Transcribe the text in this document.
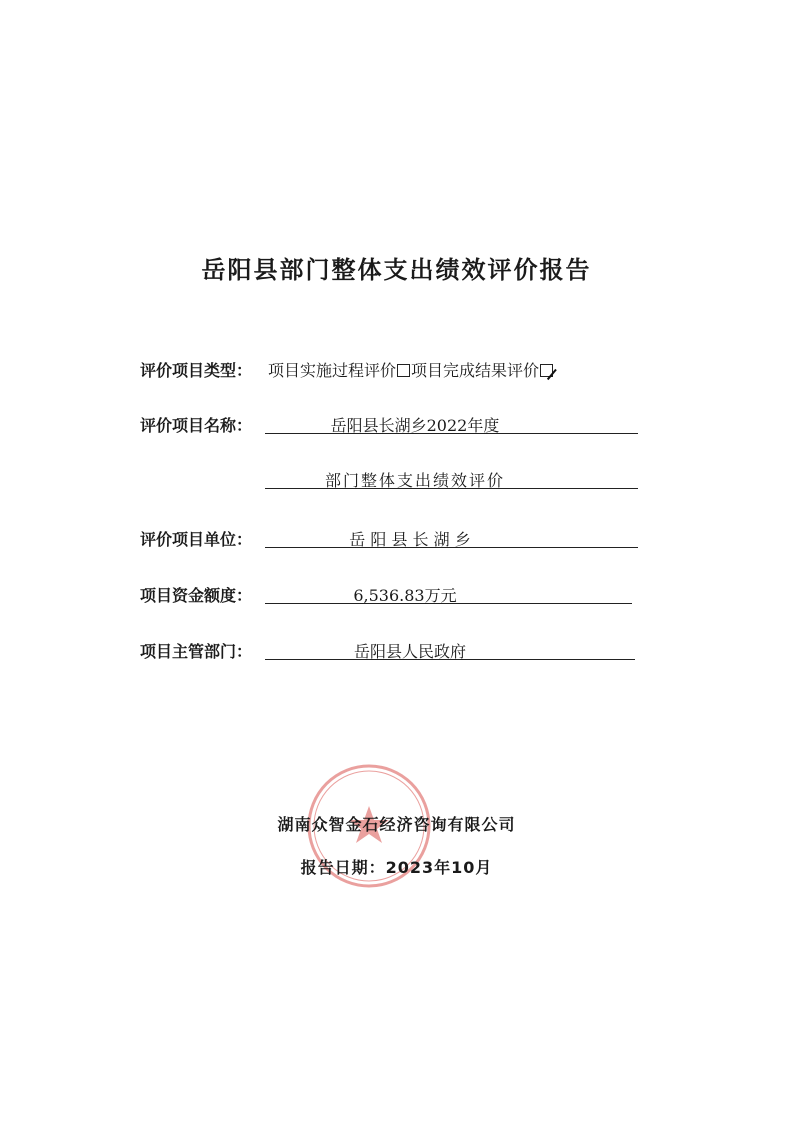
岳阳县部门整体支出绩效评价报告
评价项目类型： 项目实施过程评价 项目完成结果评价
评价项目名称：	岳阳县长湖乡2022年度
部门整体支出绩效评价
评价项目单位：	岳 阳 县 长 湖 乡
项目资金额度：	6,536.83万元
项目主管部门：	岳阳县人民政府
湖南众智金石经济咨询有限公司
报告日期：2023年10月
